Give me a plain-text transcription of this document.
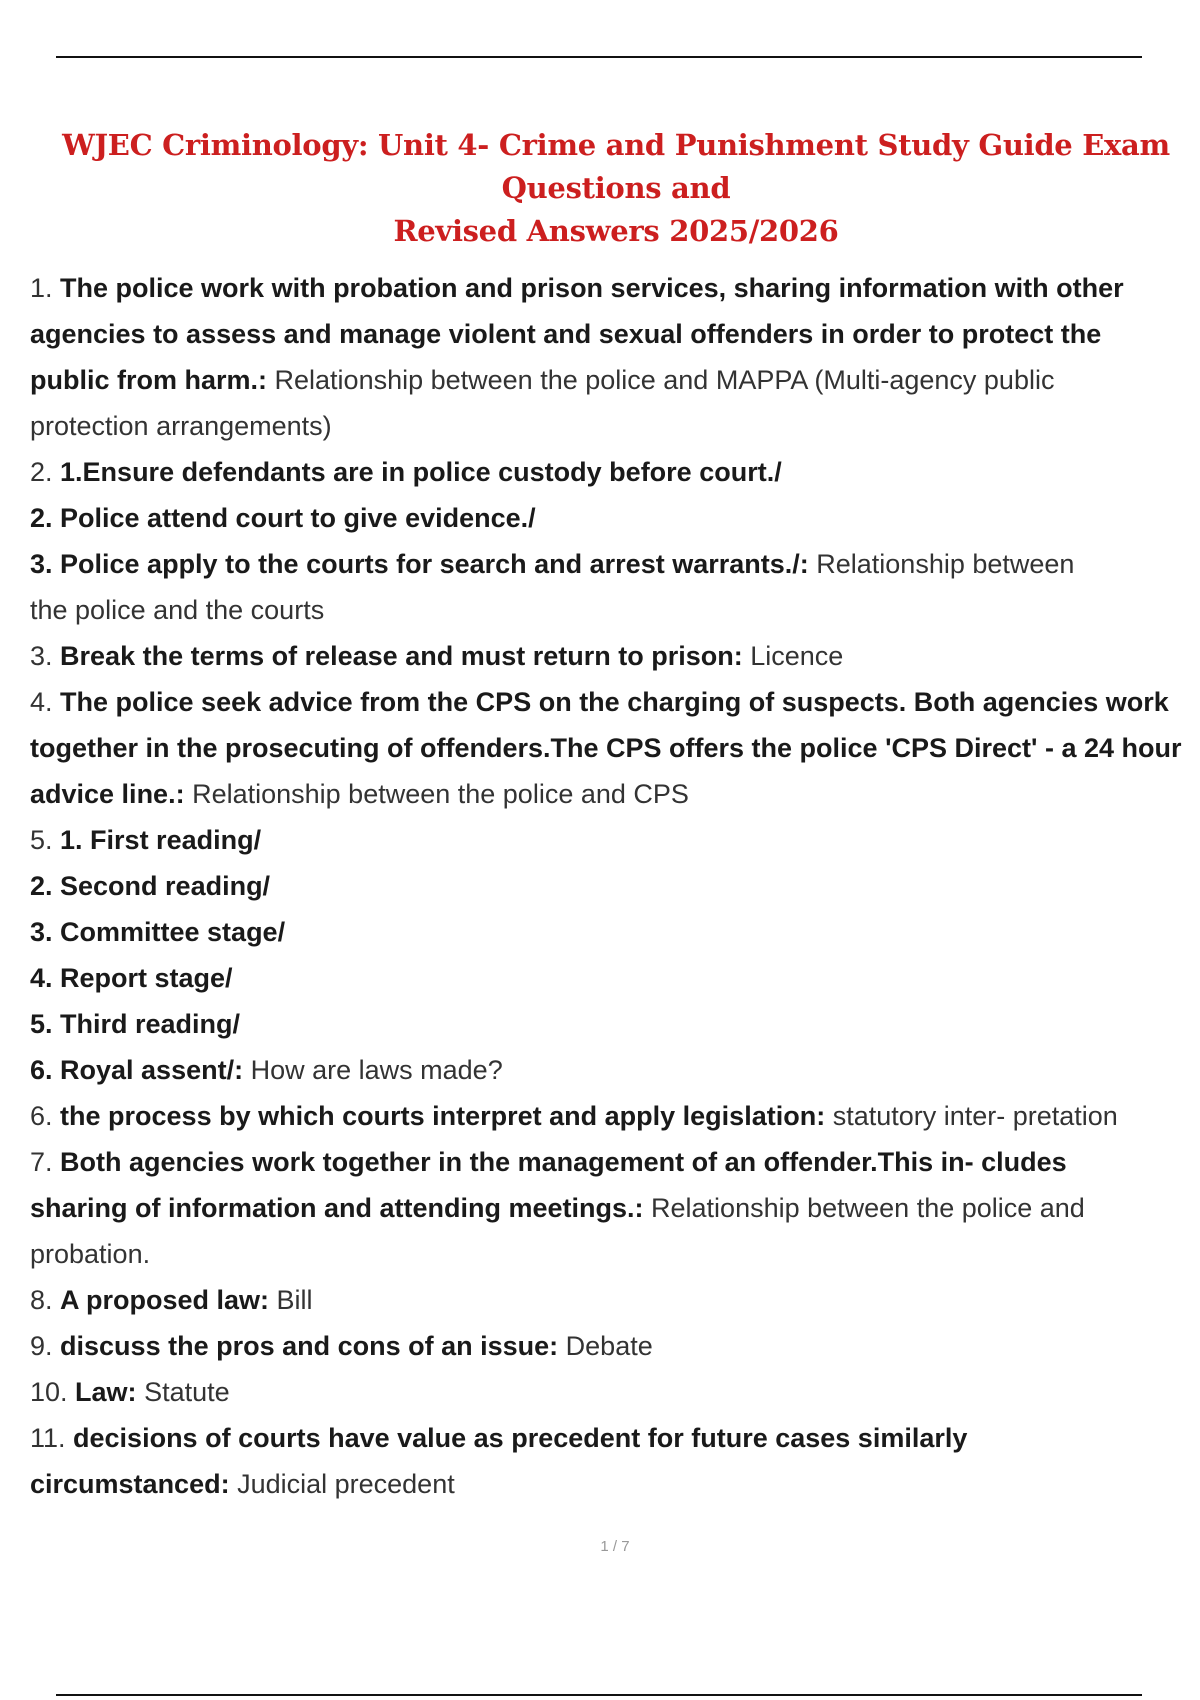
WJEC Criminology: Unit 4- Crime and Punishment Study Guide Exam Questions and
Revised Answers 2025/2026
1. The police work with probation and prison services, sharing information with other
agencies to assess and manage violent and sexual offenders in order to protect the
public from harm.: Relationship between the police and MAPPA (Multi-agency public
protection arrangements)
2. 1.Ensure defendants are in police custody before court./
2. Police attend court to give evidence./
3. Police apply to the courts for search and arrest warrants./: Relationship between
the police and the courts
3. Break the terms of release and must return to prison: Licence
4. The police seek advice from the CPS on the charging of suspects. Both agencies work
together in the prosecuting of offenders.The CPS offers the police 'CPS Direct' - a 24 hour
advice line.: Relationship between the police and CPS
5. 1. First reading/
2. Second reading/
3. Committee stage/
4. Report stage/
5. Third reading/
6. Royal assent/: How are laws made?
6. the process by which courts interpret and apply legislation: statutory inter- pretation
7. Both agencies work together in the management of an offender.This in- cludes
sharing of information and attending meetings.: Relationship between the police and
probation.
8. A proposed law: Bill
9. discuss the pros and cons of an issue: Debate
10. Law: Statute
11. decisions of courts have value as precedent for future cases similarly
circumstanced: Judicial precedent
1 / 7
